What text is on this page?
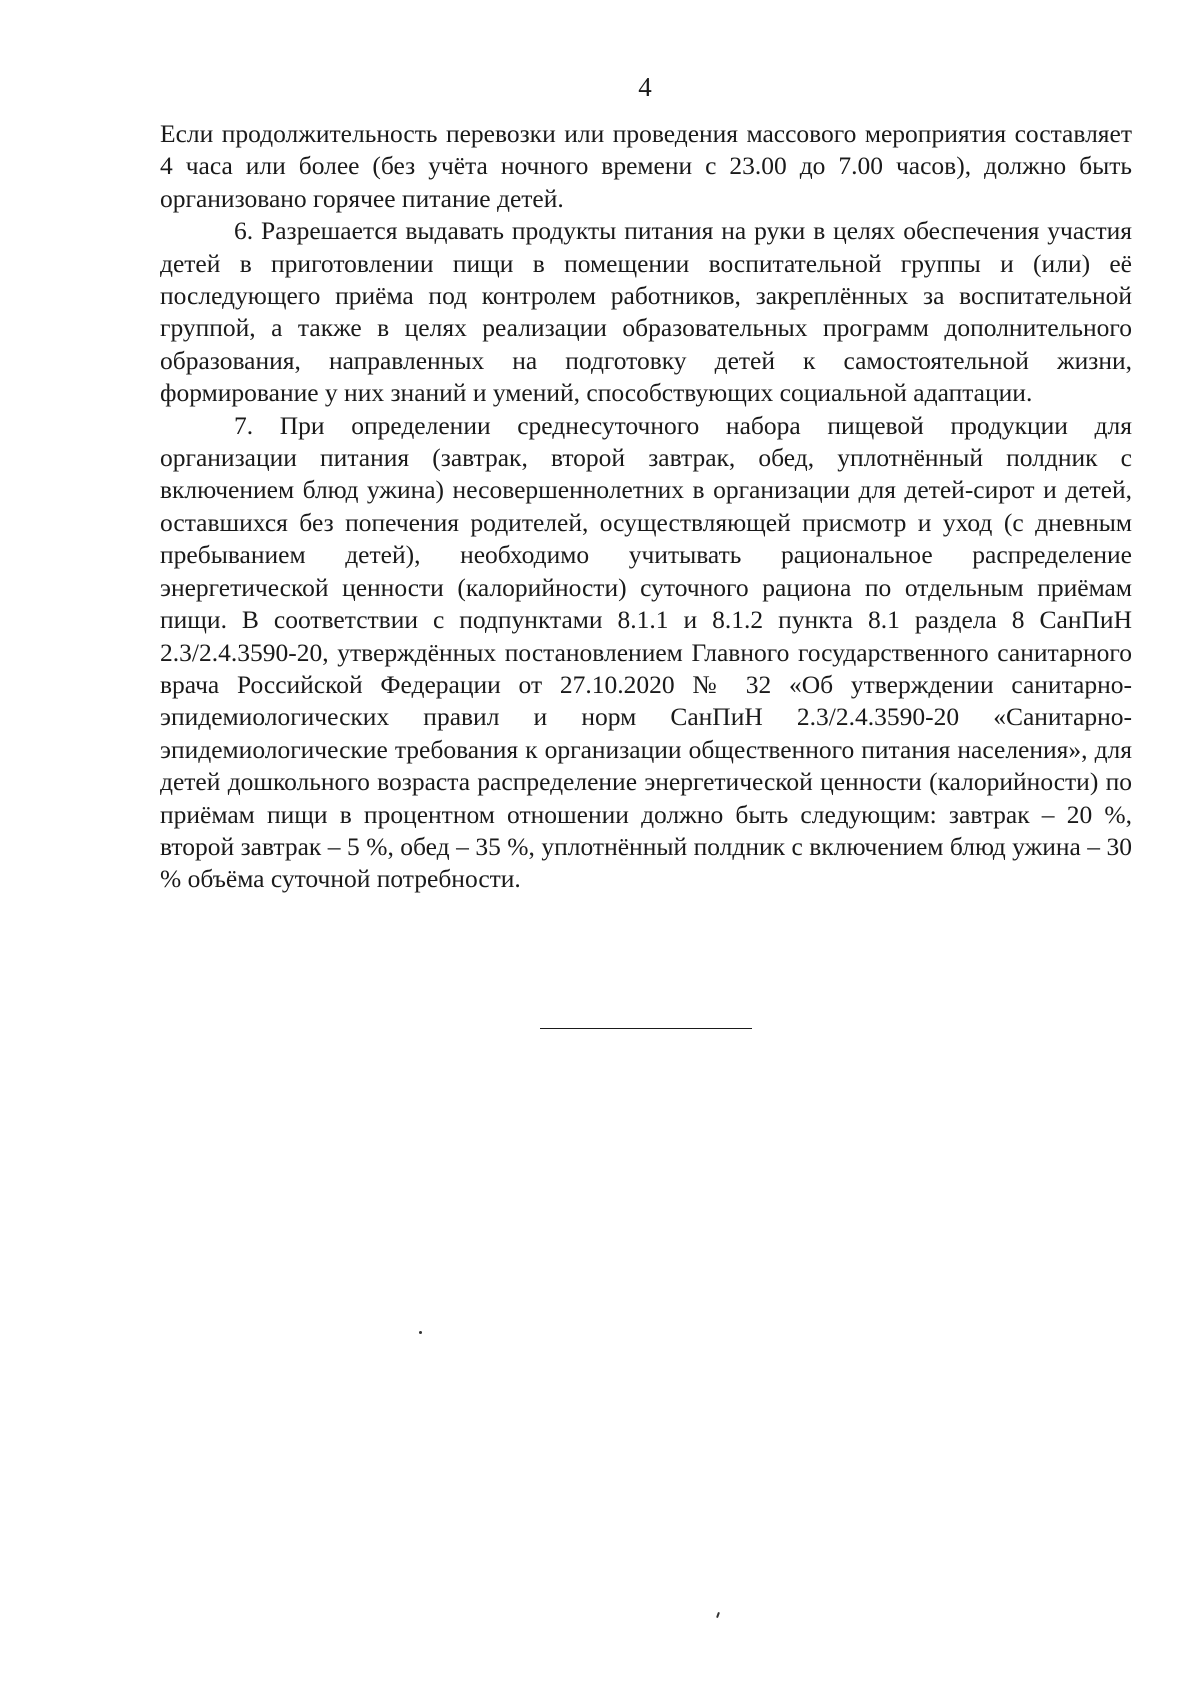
4

Если продолжительность перевозки или проведения массового мероприятия составляет 4 часа или более (без учёта ночного времени с 23.00 до 7.00 часов), должно быть организовано горячее питание детей.

6. Разрешается выдавать продукты питания на руки в целях обеспечения участия детей в приготовлении пищи в помещении воспитательной группы и (или) её последующего приёма под контролем работников, закреплённых за воспитательной группой, а также в целях реализации образовательных программ дополнительного образования, направленных на подготовку детей к самостоятельной жизни, формирование у них знаний и умений, способствующих социальной адаптации.

7. При определении среднесуточного набора пищевой продукции для организации питания (завтрак, второй завтрак, обед, уплотнённый полдник с включением блюд ужина) несовершеннолетних в организации для детей-сирот и детей, оставшихся без попечения родителей, осуществляющей присмотр и уход (с дневным пребыванием детей), необходимо учитывать рациональное распределение энергетической ценности (калорийности) суточного рациона по отдельным приёмам пищи. В соответствии с подпунктами 8.1.1 и 8.1.2 пункта 8.1 раздела 8 СанПиН 2.3/2.4.3590-20, утверждённых постановлением Главного государственного санитарного врача Российской Федерации от 27.10.2020 № 32 «Об утверждении санитарно-эпидемиологических правил и норм СанПиН 2.3/2.4.3590-20 «Санитарно-эпидемиологические требования к организации общественного питания населения», для детей дошкольного возраста распределение энергетической ценности (калорийности) по приёмам пищи в процентном отношении должно быть следующим: завтрак – 20 %, второй завтрак – 5 %, обед – 35 %, уплотнённый полдник с включением блюд ужина – 30 % объёма суточной потребности.
